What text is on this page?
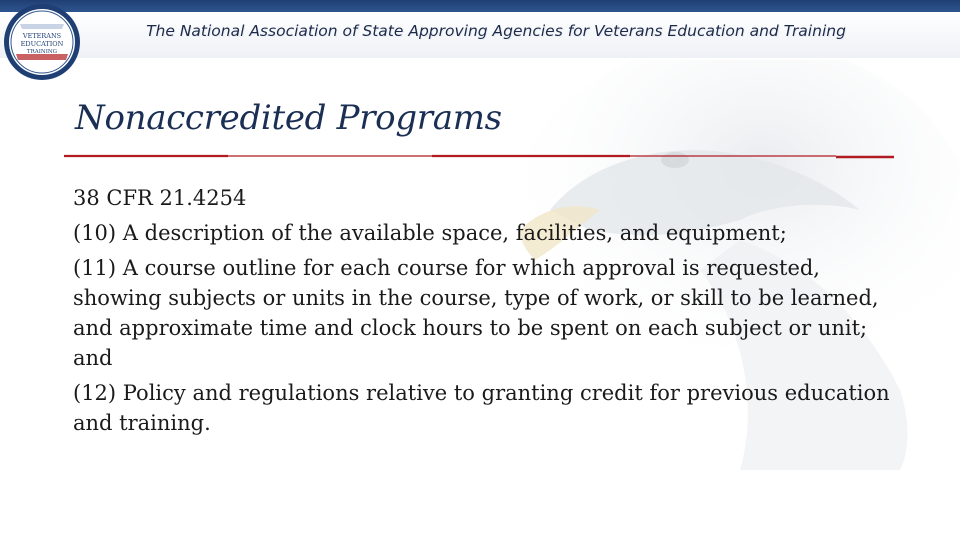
VETERANS
EDUCATION
TRAINING
The National Association of State Approving Agencies for Veterans Education and Training
Nonaccredited Programs

38 CFR 21.4254

(10) A description of the available space, facilities, and equipment;

(11) A course outline for each course for which approval is requested, showing subjects or units in the course, type of work, or skill to be learned, and approximate time and clock hours to be spent on each subject or unit; and

(12) Policy and regulations relative to granting credit for previous education and training.
